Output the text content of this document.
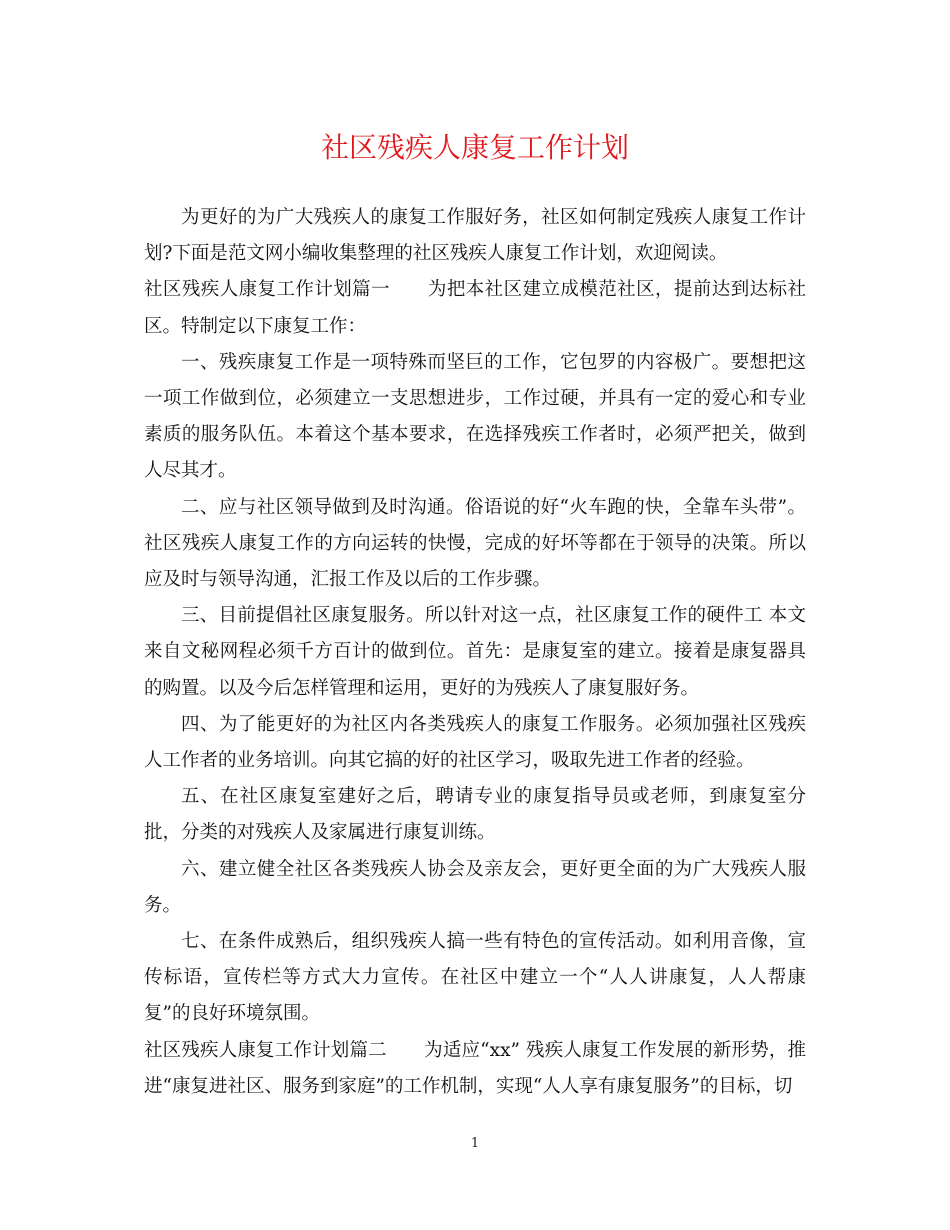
社区残疾人康复工作计划

为更好的为广大残疾人的康复工作服好务，社区如何制定残疾人康复工作计划?下面是范文网小编收集整理的社区残疾人康复工作计划，欢迎阅读。

社区残疾人康复工作计划篇一　　为把本社区建立成模范社区，提前达到达标社区。特制定以下康复工作：

一、残疾康复工作是一项特殊而坚巨的工作，它包罗的内容极广。要想把这一项工作做到位，必须建立一支思想进步，工作过硬，并具有一定的爱心和专业素质的服务队伍。本着这个基本要求，在选择残疾工作者时，必须严把关，做到人尽其才。

二、应与社区领导做到及时沟通。俗语说的好“火车跑的快，全靠车头带”。社区残疾人康复工作的方向运转的快慢，完成的好坏等都在于领导的决策。所以应及时与领导沟通，汇报工作及以后的工作步骤。

三、目前提倡社区康复服务。所以针对这一点，社区康复工作的硬件工 本文来自文秘网程必须千方百计的做到位。首先：是康复室的建立。接着是康复器具的购置。以及今后怎样管理和运用，更好的为残疾人了康复服好务。

四、为了能更好的为社区内各类残疾人的康复工作服务。必须加强社区残疾人工作者的业务培训。向其它搞的好的社区学习，吸取先进工作者的经验。

五、在社区康复室建好之后，聘请专业的康复指导员或老师，到康复室分批，分类的对残疾人及家属进行康复训练。

六、建立健全社区各类残疾人协会及亲友会，更好更全面的为广大残疾人服务。

七、在条件成熟后，组织残疾人搞一些有特色的宣传活动。如利用音像，宣传标语，宣传栏等方式大力宣传。在社区中建立一个“人人讲康复，人人帮康复”的良好环境氛围。

社区残疾人康复工作计划篇二　　为适应“xx” 残疾人康复工作发展的新形势，推进“康复进社区、服务到家庭”的工作机制，实现“人人享有康复服务”的目标，切

1
